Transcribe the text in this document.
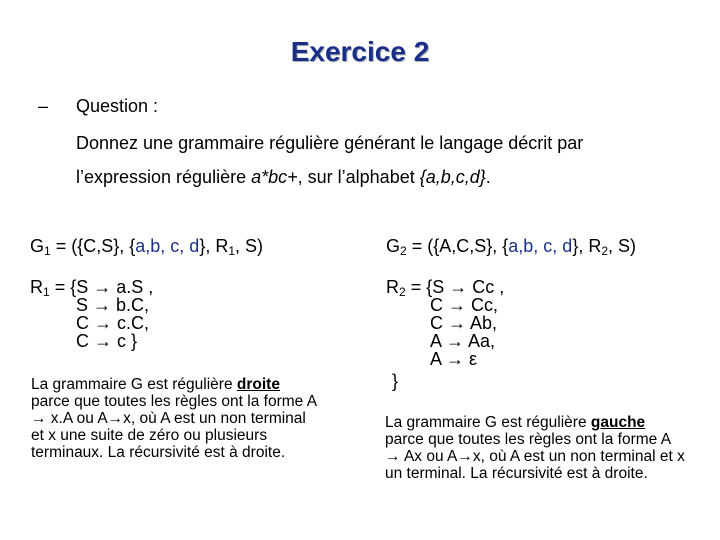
Exercice 2
– Question :
Donnez une grammaire régulière générant le langage décrit par
l’expression régulière a*bc+, sur l’alphabet {a,b,c,d}.
$G_1 = (\{C,S\}$, {a,b, c, d}, $R_1$, S)
$R_1 = \{S \to a.S$ ,
S → b.C,
C → c.C,
C → c }
La grammaire G est régulière droite parce que toutes les règles ont la forme A → x.A ou A→x, où A est un non terminal et x une suite de zéro ou plusieurs terminaux. La récursivité est à droite.
$G_2 = (\{A,C,S\}$, {a,b, c, d}, $R_2$, S)
$R_2 = \{S \to Cc$ ,
C → Cc,
C → Ab,
A → Aa,
A → ε
}
La grammaire G est régulière gauche parce que toutes les règles ont la forme A → Ax ou A→x, où A est un non terminal et x un terminal. La récursivité est à droite.
